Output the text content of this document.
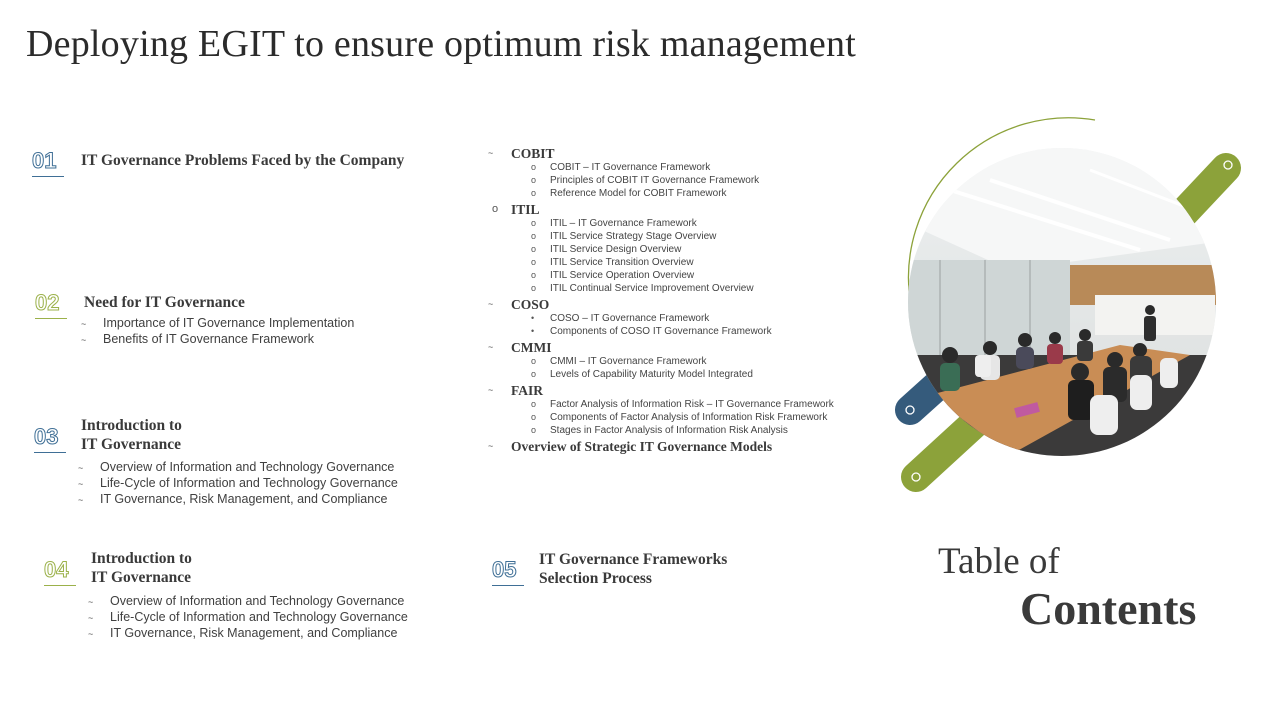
Deploying EGIT to ensure optimum risk management
01 IT Governance Problems Faced by the Company
02 Need for IT Governance
~ Importance of IT Governance Implementation
~ Benefits of IT Governance Framework
03 Introduction to
IT Governance
~ Overview of Information and Technology Governance
~ Life-Cycle of Information and Technology Governance
~ IT Governance, Risk Management, and Compliance
04 Introduction to
IT Governance
~ Overview of Information and Technology Governance
~ Life-Cycle of Information and Technology Governance
~ IT Governance, Risk Management, and Compliance
05 IT Governance Frameworks
Selection Process
~ COBIT
o COBIT – IT Governance Framework
o Principles of COBIT IT Governance Framework
o Reference Model for COBIT Framework
o ITIL
o ITIL – IT Governance Framework
o ITIL Service Strategy Stage Overview
o ITIL Service Design Overview
o ITIL Service Transition Overview
o ITIL Service Operation Overview
o ITIL Continual Service Improvement Overview
~ COSO
• COSO – IT Governance Framework
• Components of COSO IT Governance Framework
~ CMMI
o CMMI – IT Governance Framework
o Levels of Capability Maturity Model Integrated
~ FAIR
o Factor Analysis of Information Risk – IT Governance Framework
o Components of Factor Analysis of Information Risk Framework
o Stages in Factor Analysis of Information Risk Analysis
~ Overview of Strategic IT Governance Models
Table of
Contents
